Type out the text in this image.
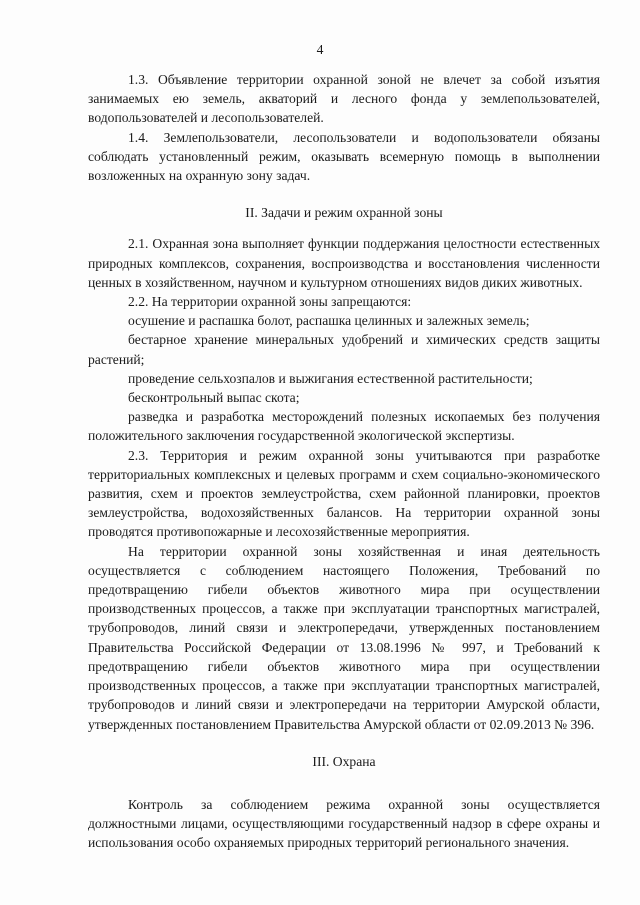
4

1.3. Объявление территории охранной зоной не влечет за собой изъятия занимаемых ею земель, акваторий и лесного фонда у землепользователей, водопользователей и лесопользователей.

1.4. Землепользователи, лесопользователи и водопользователи обязаны соблюдать установленный режим, оказывать всемерную помощь в выполнении возложенных на охранную зону задач.

II. Задачи и режим охранной зоны

2.1. Охранная зона выполняет функции поддержания целостности естественных природных комплексов, сохранения, воспроизводства и восстановления численности ценных в хозяйственном, научном и культурном отношениях видов диких животных.

2.2. На территории охранной зоны запрещаются:

осушение и распашка болот, распашка целинных и залежных земель;

бестарное хранение минеральных удобрений и химических средств защиты растений;

проведение сельхозпалов и выжигания естественной растительности;

бесконтрольный выпас скота;

разведка и разработка месторождений полезных ископаемых без получения положительного заключения государственной экологической экспертизы.

2.3. Территория и режим охранной зоны учитываются при разработке территориальных комплексных и целевых программ и схем социально-экономического развития, схем и проектов землеустройства, схем районной планировки, проектов землеустройства, водохозяйственных балансов. На территории охранной зоны проводятся противопожарные и лесохозяйственные мероприятия.

На территории охранной зоны хозяйственная и иная деятельность осуществляется с соблюдением настоящего Положения, Требований по предотвращению гибели объектов животного мира при осуществлении производственных процессов, а также при эксплуатации транспортных магистралей, трубопроводов, линий связи и электропередачи, утвержденных постановлением Правительства Российской Федерации от 13.08.1996 № 997, и Требований к предотвращению гибели объектов животного мира при осуществлении производственных процессов, а также при эксплуатации транспортных магистралей, трубопроводов и линий связи и электропередачи на территории Амурской области, утвержденных постановлением Правительства Амурской области от 02.09.2013 № 396.

III. Охрана

Контроль за соблюдением режима охранной зоны осуществляется должностными лицами, осуществляющими государственный надзор в сфере охраны и использования особо охраняемых природных территорий регионального значения.
